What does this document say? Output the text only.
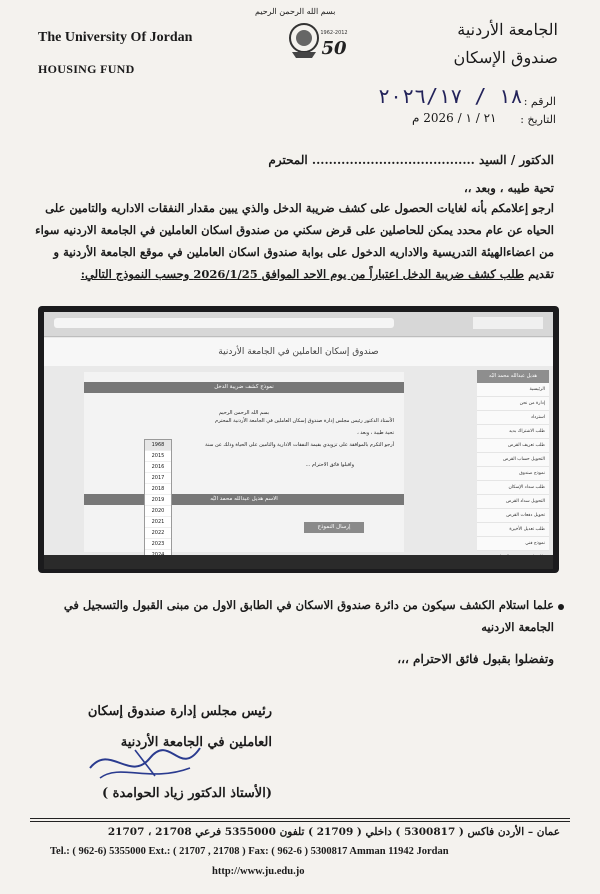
بسم الله الرحمن الرحيم
The University Of Jordan
HOUSING FUND
1962-2012
50
الجامعة الأردنية
صندوق الإسكان
الرقم :
١٨ / ٢٠٢٦/١٧
التاريخ :
٢١ / ١ / 2026 م
الدكتور / السيد ....................................... المحترم
تحية طيبه ، وبعد ،،
ارجو إعلامكم بأنه لغايات الحصول على كشف ضريبة الدخل والذي يبين مقدار النفقات الاداريه والتامين على الحياه عن عام محدد يمكن للحاصلين على قرض سكني من صندوق اسكان العاملين في الجامعة الاردنيه سواء من اعضاءالهيئة التدريسية والاداريه الدخول على بوابة صندوق اسكان العاملين في موقع الجامعة الأردنية و تقديم طلب كشف ضريبة الدخل اعتباراً من يوم الاحد الموافق 2026/1/25 وحسب النموذج التالي:
صندوق إسكان العاملين في الجامعة الأردنية
هديل عبدالله محمد البُه
الرئيسية
إدارة من نحن
استرداد
طلب الاشتراك بديد
طلب تعريف القرض
التحويل حساب القرض
نموذج صندوق
طلب سداد الإسكان
التحويل سداد القرض
تحويل دفعات القرض
طلب تعديل الأخيرة
نموذج فني
نموذج كشف ضريبة الدخل
بسم الله الرحمن الرحيم
الأستاذ الدكتور رئيس مجلس إدارة صندوق إسكان العاملين في الجامعة الأردنية المحترم
تحية طيبة ، وبعد ،
أرجو التكرم بالموافقة على تزويدي بقيمة النفقات الادارية والتامين على الحياة وذلك عن سنة
واقبلوا فائق الاحترام ...
الاسم هديل عبدالله محمد البُه
إرسال النموذج
1968
2015
2016
2017
2018
2019
2020
2021
2022
2023
علما استلام الكشف سيكون من دائرة صندوق الاسكان في الطابق الاول من مبنى القبول والتسجيل في الجامعة الاردنيه
وتفضلوا بقبول فائق الاحترام ،،،
رئيس مجلس إدارة صندوق إسكان
العاملين في الجامعة الأردنية
(الأستاذ الدكتور زياد الحوامدة )
عمان – الأردن فاكس ( 5300817 ) داخلي ( 21709 ) تلفون 5355000 فرعي 21708 ، 21707
Tel.: ( 962-6) 5355000 Ext.: ( 21707 , 21708 ) Fax: ( 962-6 ) 5300817 Amman 11942 Jordan
http://www.ju.edu.jo
